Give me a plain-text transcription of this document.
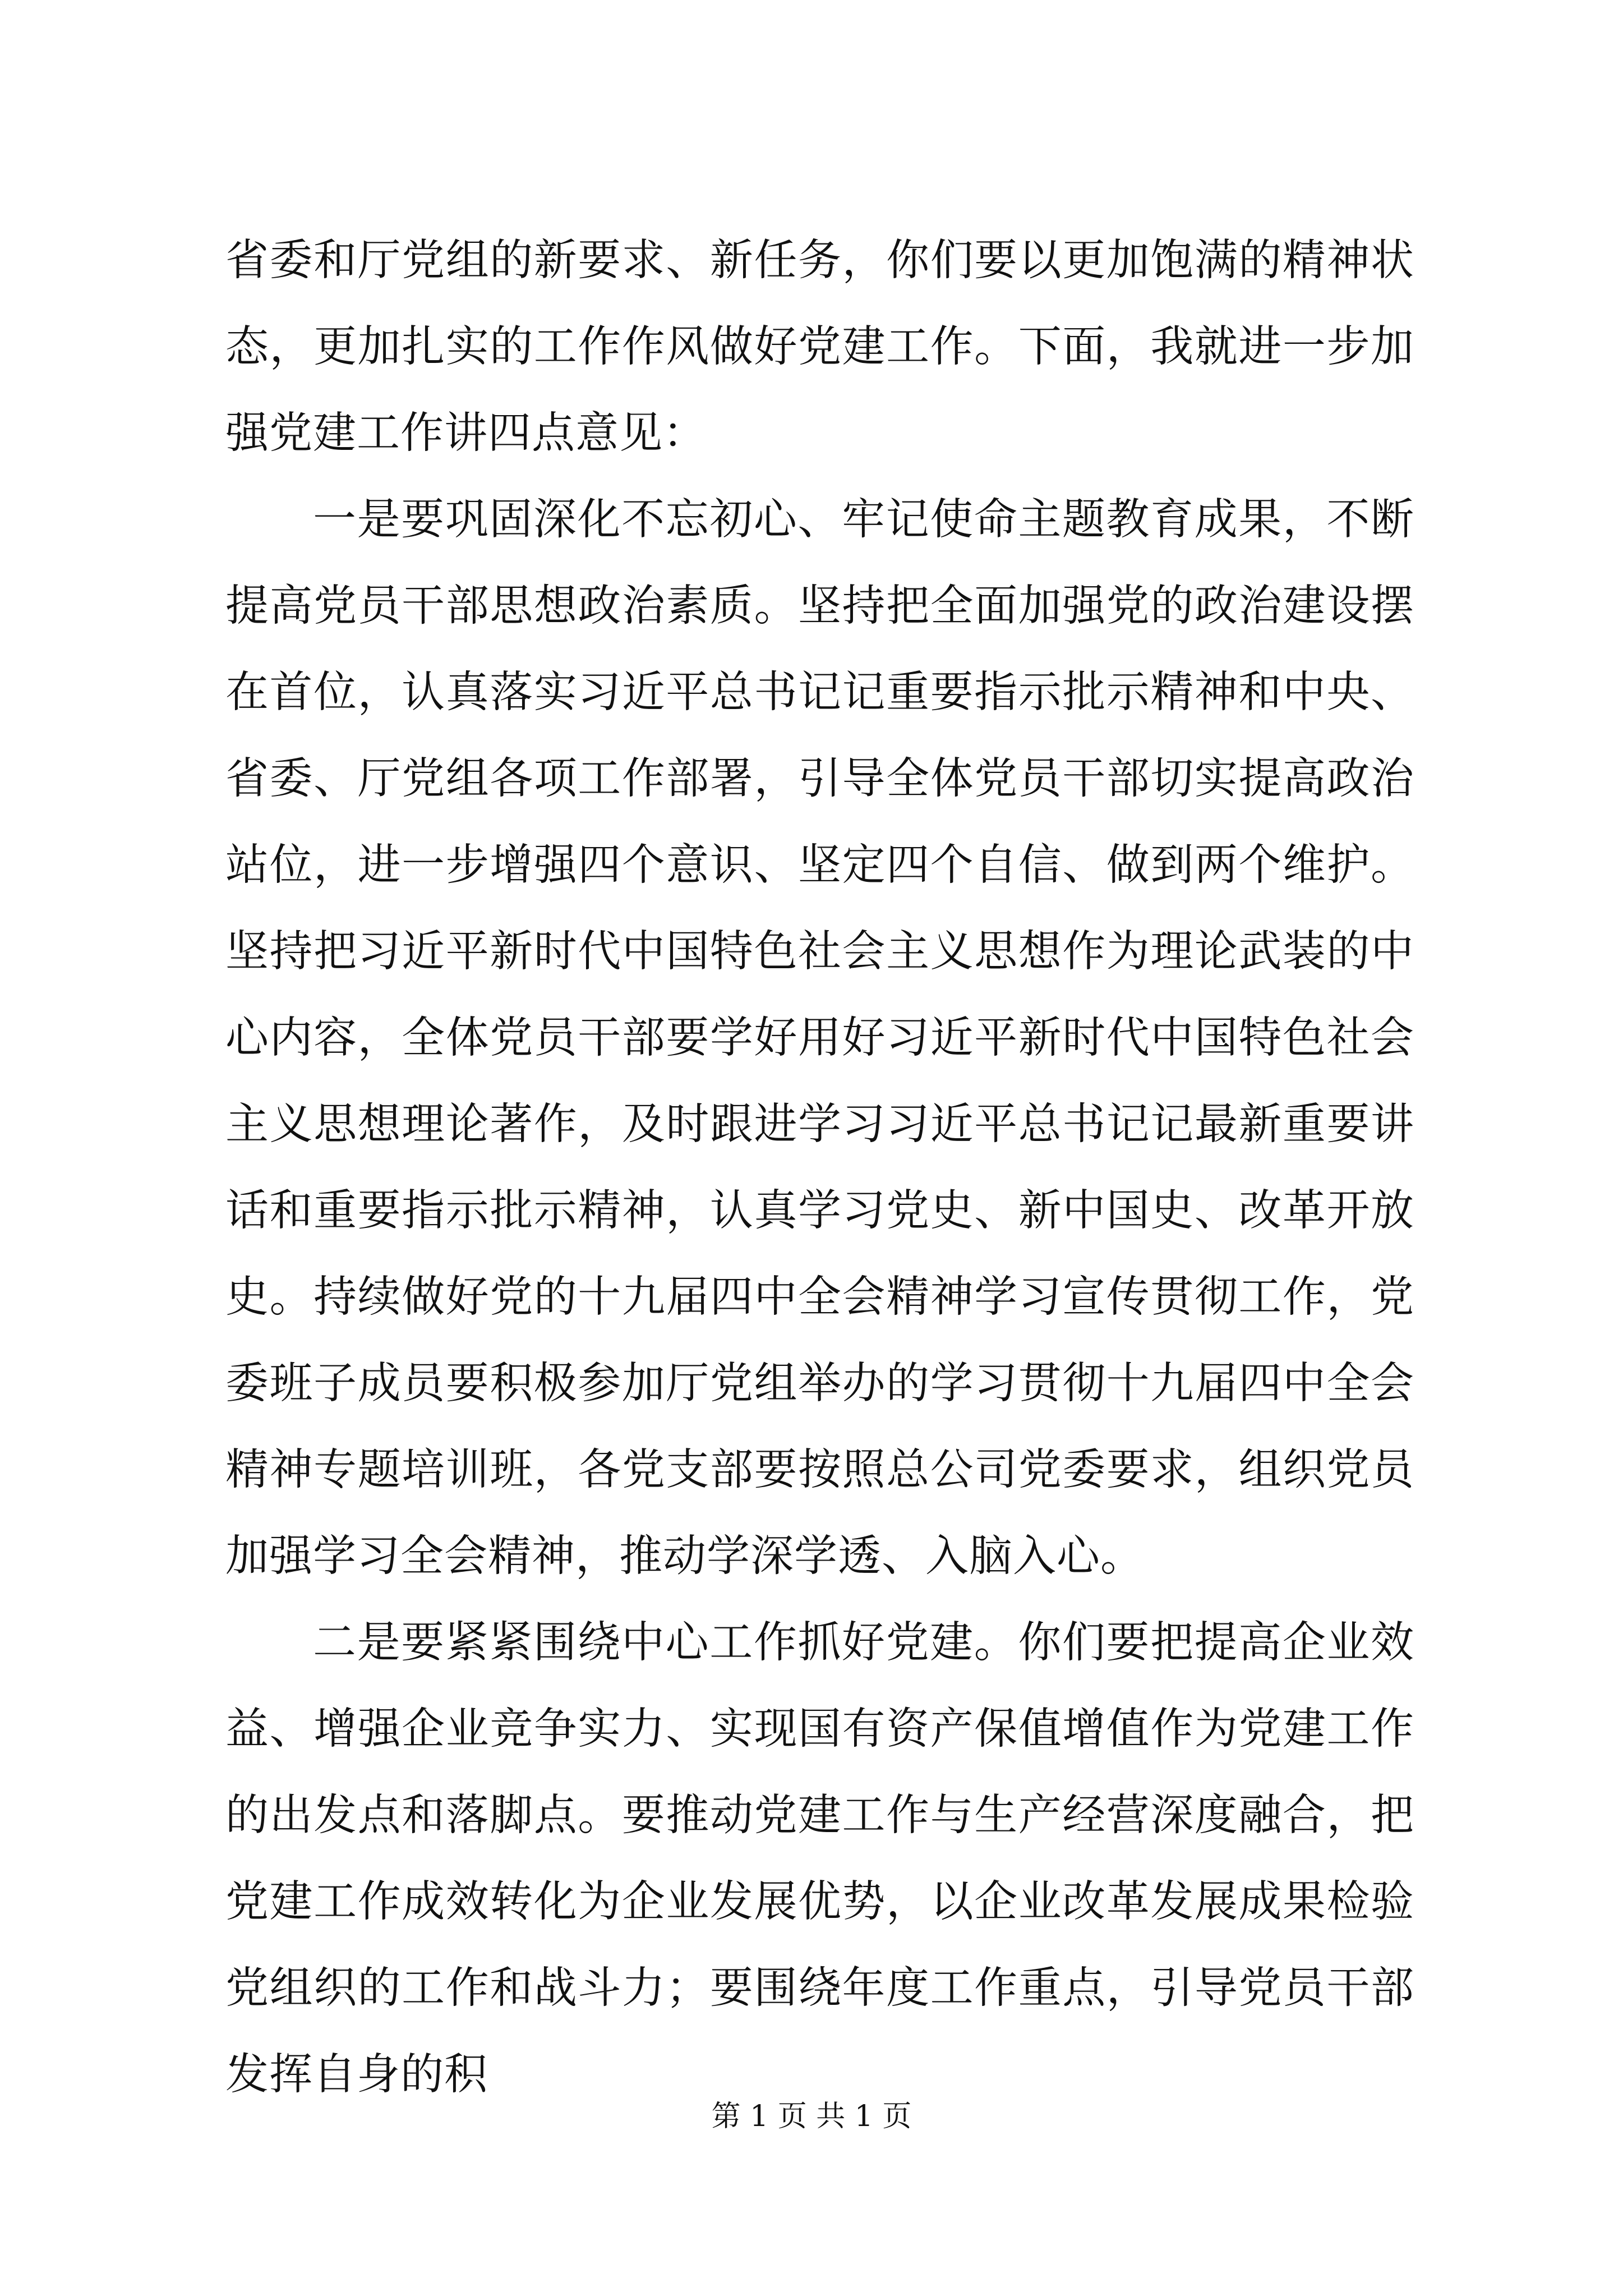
省委和厅党组的新要求、新任务，你们要以更加饱满的精神状态，更加扎实的工作作风做好党建工作。下面，我就进一步加强党建工作讲四点意见：

一是要巩固深化不忘初心、牢记使命主题教育成果，不断提高党员干部思想政治素质。坚持把全面加强党的政治建设摆在首位，认真落实习近平总书记记重要指示批示精神和中央、省委、厅党组各项工作部署，引导全体党员干部切实提高政治站位，进一步增强四个意识、坚定四个自信、做到两个维护。坚持把习近平新时代中国特色社会主义思想作为理论武装的中心内容，全体党员干部要学好用好习近平新时代中国特色社会主义思想理论著作，及时跟进学习习近平总书记记最新重要讲话和重要指示批示精神，认真学习党史、新中国史、改革开放史。持续做好党的十九届四中全会精神学习宣传贯彻工作，党委班子成员要积极参加厅党组举办的学习贯彻十九届四中全会精神专题培训班，各党支部要按照总公司党委要求，组织党员加强学习全会精神，推动学深学透、入脑入心。

二是要紧紧围绕中心工作抓好党建。你们要把提高企业效益、增强企业竞争实力、实现国有资产保值增值作为党建工作的出发点和落脚点。要推动党建工作与生产经营深度融合，把党建工作成效转化为企业发展优势，以企业改革发展成果检验党组织的工作和战斗力；要围绕年度工作重点，引导党员干部发挥自身的积

第 1 页 共 1 页
